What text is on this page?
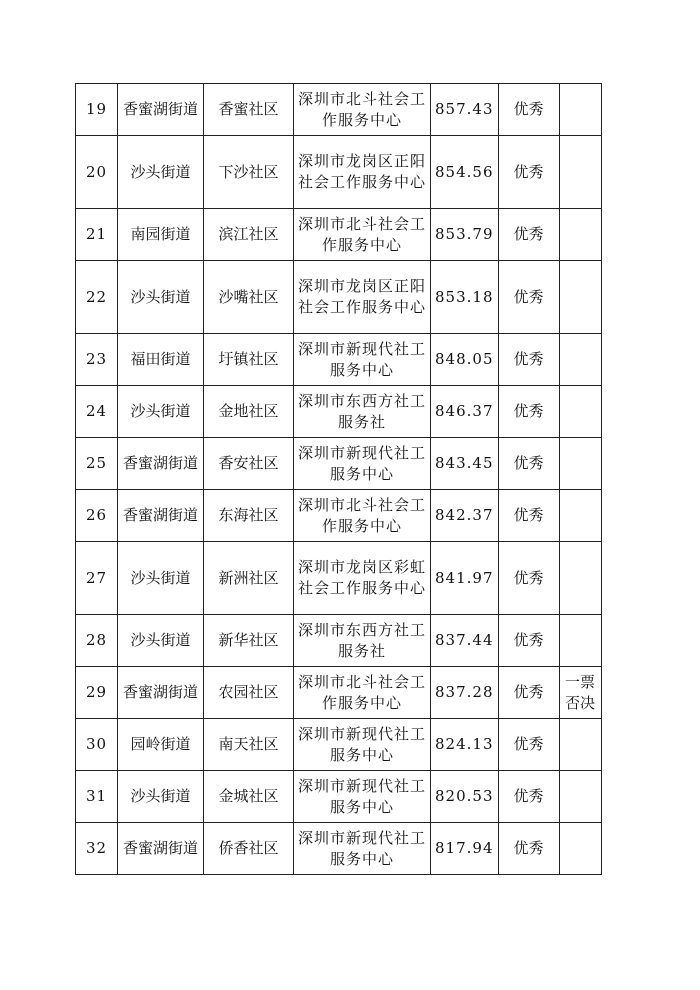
19	香蜜湖街道	香蜜社区	深圳市北斗社会工作服务中心	857.43	优秀	
20	沙头街道	下沙社区	深圳市龙岗区正阳社会工作服务中心	854.56	优秀	
21	南园街道	滨江社区	深圳市北斗社会工作服务中心	853.79	优秀	
22	沙头街道	沙嘴社区	深圳市龙岗区正阳社会工作服务中心	853.18	优秀	
23	福田街道	圩镇社区	深圳市新现代社工服务中心	848.05	优秀	
24	沙头街道	金地社区	深圳市东西方社工服务社	846.37	优秀	
25	香蜜湖街道	香安社区	深圳市新现代社工服务中心	843.45	优秀	
26	香蜜湖街道	东海社区	深圳市北斗社会工作服务中心	842.37	优秀	
27	沙头街道	新洲社区	深圳市龙岗区彩虹社会工作服务中心	841.97	优秀	
28	沙头街道	新华社区	深圳市东西方社工服务社	837.44	优秀	
29	香蜜湖街道	农园社区	深圳市北斗社会工作服务中心	837.28	优秀	一票否决
30	园岭街道	南天社区	深圳市新现代社工服务中心	824.13	优秀	
31	沙头街道	金城社区	深圳市新现代社工服务中心	820.53	优秀	
32	香蜜湖街道	侨香社区	深圳市新现代社工服务中心	817.94	优秀	
